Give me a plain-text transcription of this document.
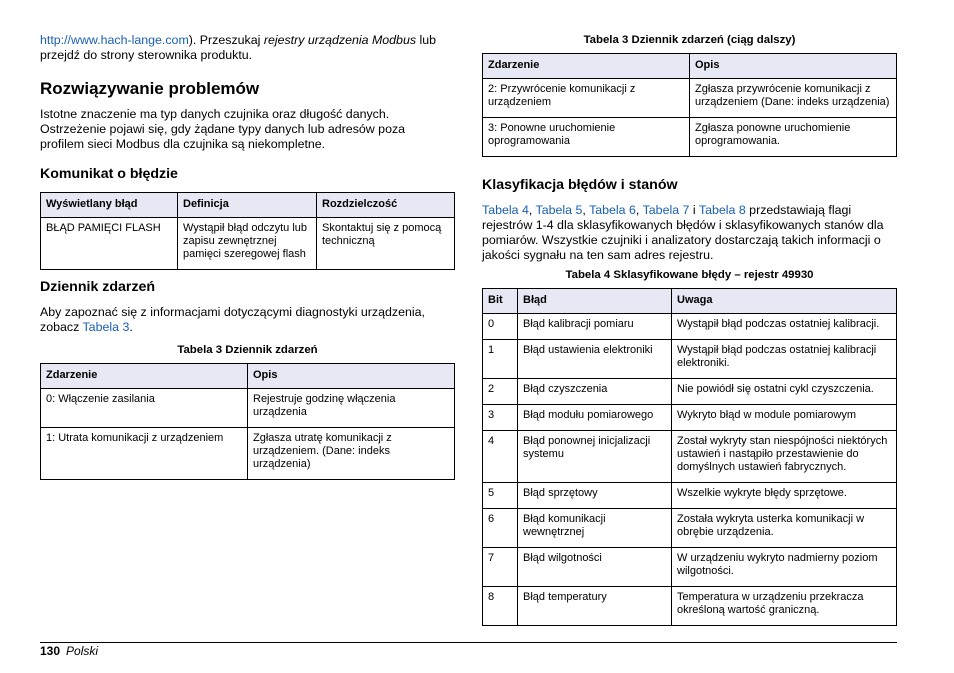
http://www.hach-lange.com). Przeszukaj rejestry urządzenia Modbus lub przejdź do strony sterownika produktu.

Rozwiązywanie problemów

Istotne znaczenie ma typ danych czujnika oraz długość danych. Ostrzeżenie pojawi się, gdy żądane typy danych lub adresów poza profilem sieci Modbus dla czujnika są niekompletne.

Komunikat o błędzie
Wyświetlany błąd	Definicja	Rozdzielczość
BŁĄD PAMIĘCI FLASH	Wystąpił błąd odczytu lub zapisu zewnętrznej pamięci szeregowej flash	Skontaktuj się z pomocą techniczną
Dziennik zdarzeń

Aby zapoznać się z informacjami dotyczącymi diagnostyki urządzenia, zobacz Tabela 3.

Tabela 3 Dziennik zdarzeń
Zdarzenie	Opis
0: Włączenie zasilania	Rejestruje godzinę włączenia urządzenia
1: Utrata komunikacji z urządzeniem	Zgłasza utratę komunikacji z urządzeniem. (Dane: indeks urządzenia)
Tabela 3 Dziennik zdarzeń (ciąg dalszy)
Zdarzenie	Opis
2: Przywrócenie komunikacji z urządzeniem	Zgłasza przywrócenie komunikacji z urządzeniem (Dane: indeks urządzenia)
3: Ponowne uruchomienie oprogramowania	Zgłasza ponowne uruchomienie oprogramowania.
Klasyfikacja błędów i stanów

Tabela 4, Tabela 5, Tabela 6, Tabela 7 i Tabela 8 przedstawiają flagi rejestrów 1-4 dla sklasyfikowanych błędów i sklasyfikowanych stanów dla pomiarów. Wszystkie czujniki i analizatory dostarczają takich informacji o jakości sygnału na ten sam adres rejestru.

Tabela 4 Sklasyfikowane błędy – rejestr 49930
Bit	Błąd	Uwaga
0	Błąd kalibracji pomiaru	Wystąpił błąd podczas ostatniej kalibracji.
1	Błąd ustawienia elektroniki	Wystąpił błąd podczas ostatniej kalibracji elektroniki.
2	Błąd czyszczenia	Nie powiódł się ostatni cykl czyszczenia.
3	Błąd modułu pomiarowego	Wykryto błąd w module pomiarowym
4	Błąd ponownej inicjalizacji systemu	Został wykryty stan niespójności niektórych ustawień i nastąpiło przestawienie do domyślnych ustawień fabrycznych.
5	Błąd sprzętowy	Wszelkie wykryte błędy sprzętowe.
6	Błąd komunikacji wewnętrznej	Została wykryta usterka komunikacji w obrębie urządzenia.
7	Błąd wilgotności	W urządzeniu wykryto nadmierny poziom wilgotności.
8	Błąd temperatury	Temperatura w urządzeniu przekracza określoną wartość graniczną.
130 Polski
